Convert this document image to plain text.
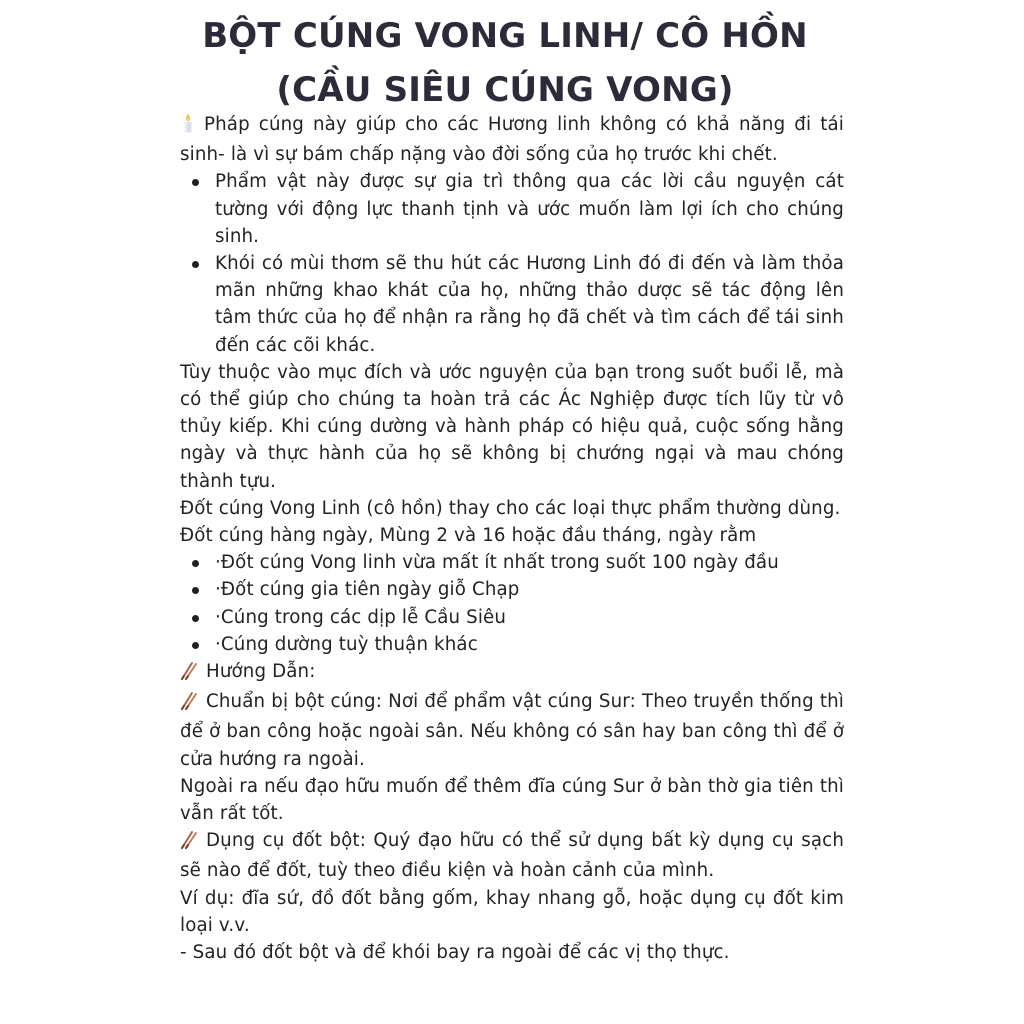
BỘT CÚNG VONG LINH/ CÔ HỒN
(CẦU SIÊU CÚNG VONG)

Pháp cúng này giúp cho các Hương linh không có khả năng đi tái sinh- là vì sự bám chấp nặng vào đời sống của họ trước khi chết.

Phẩm vật này được sự gia trì thông qua các lời cầu nguyện cát tường với động lực thanh tịnh và ước muốn làm lợi ích cho chúng sinh.
Khói có mùi thơm sẽ thu hút các Hương Linh đó đi đến và làm thỏa mãn những khao khát của họ, những thảo dược sẽ tác động lên tâm thức của họ để nhận ra rằng họ đã chết và tìm cách để tái sinh đến các cõi khác.

Tùy thuộc vào mục đích và ước nguyện của bạn trong suốt buổi lễ, mà có thể giúp cho chúng ta hoàn trả các Ác Nghiệp được tích lũy từ vô thủy kiếp. Khi cúng dường và hành pháp có hiệu quả, cuộc sống hằng ngày và thực hành của họ sẽ không bị chướng ngại và mau chóng thành tựu.

Đốt cúng Vong Linh (cô hồn) thay cho các loại thực phẩm thường dùng.

Đốt cúng hàng ngày, Mùng 2 và 16 hoặc đầu tháng, ngày rằm

·Đốt cúng Vong linh vừa mất ít nhất trong suốt 100 ngày đầu
·Đốt cúng gia tiên ngày giỗ Chạp
·Cúng trong các dịp lễ Cầu Siêu
·Cúng dường tuỳ thuận khác

Hướng Dẫn:

Chuẩn bị bột cúng: Nơi để phẩm vật cúng Sur: Theo truyền thống thì để ở ban công hoặc ngoài sân. Nếu không có sân hay ban công thì để ở cửa hướng ra ngoài.

Ngoài ra nếu đạo hữu muốn để thêm đĩa cúng Sur ở bàn thờ gia tiên thì vẫn rất tốt.

Dụng cụ đốt bột: Quý đạo hữu có thể sử dụng bất kỳ dụng cụ sạch sẽ nào để đốt, tuỳ theo điều kiện và hoàn cảnh của mình.

Ví dụ: đĩa sứ, đồ đốt bằng gốm, khay nhang gỗ, hoặc dụng cụ đốt kim loại v.v.

- Sau đó đốt bột và để khói bay ra ngoài để các vị thọ thực.
